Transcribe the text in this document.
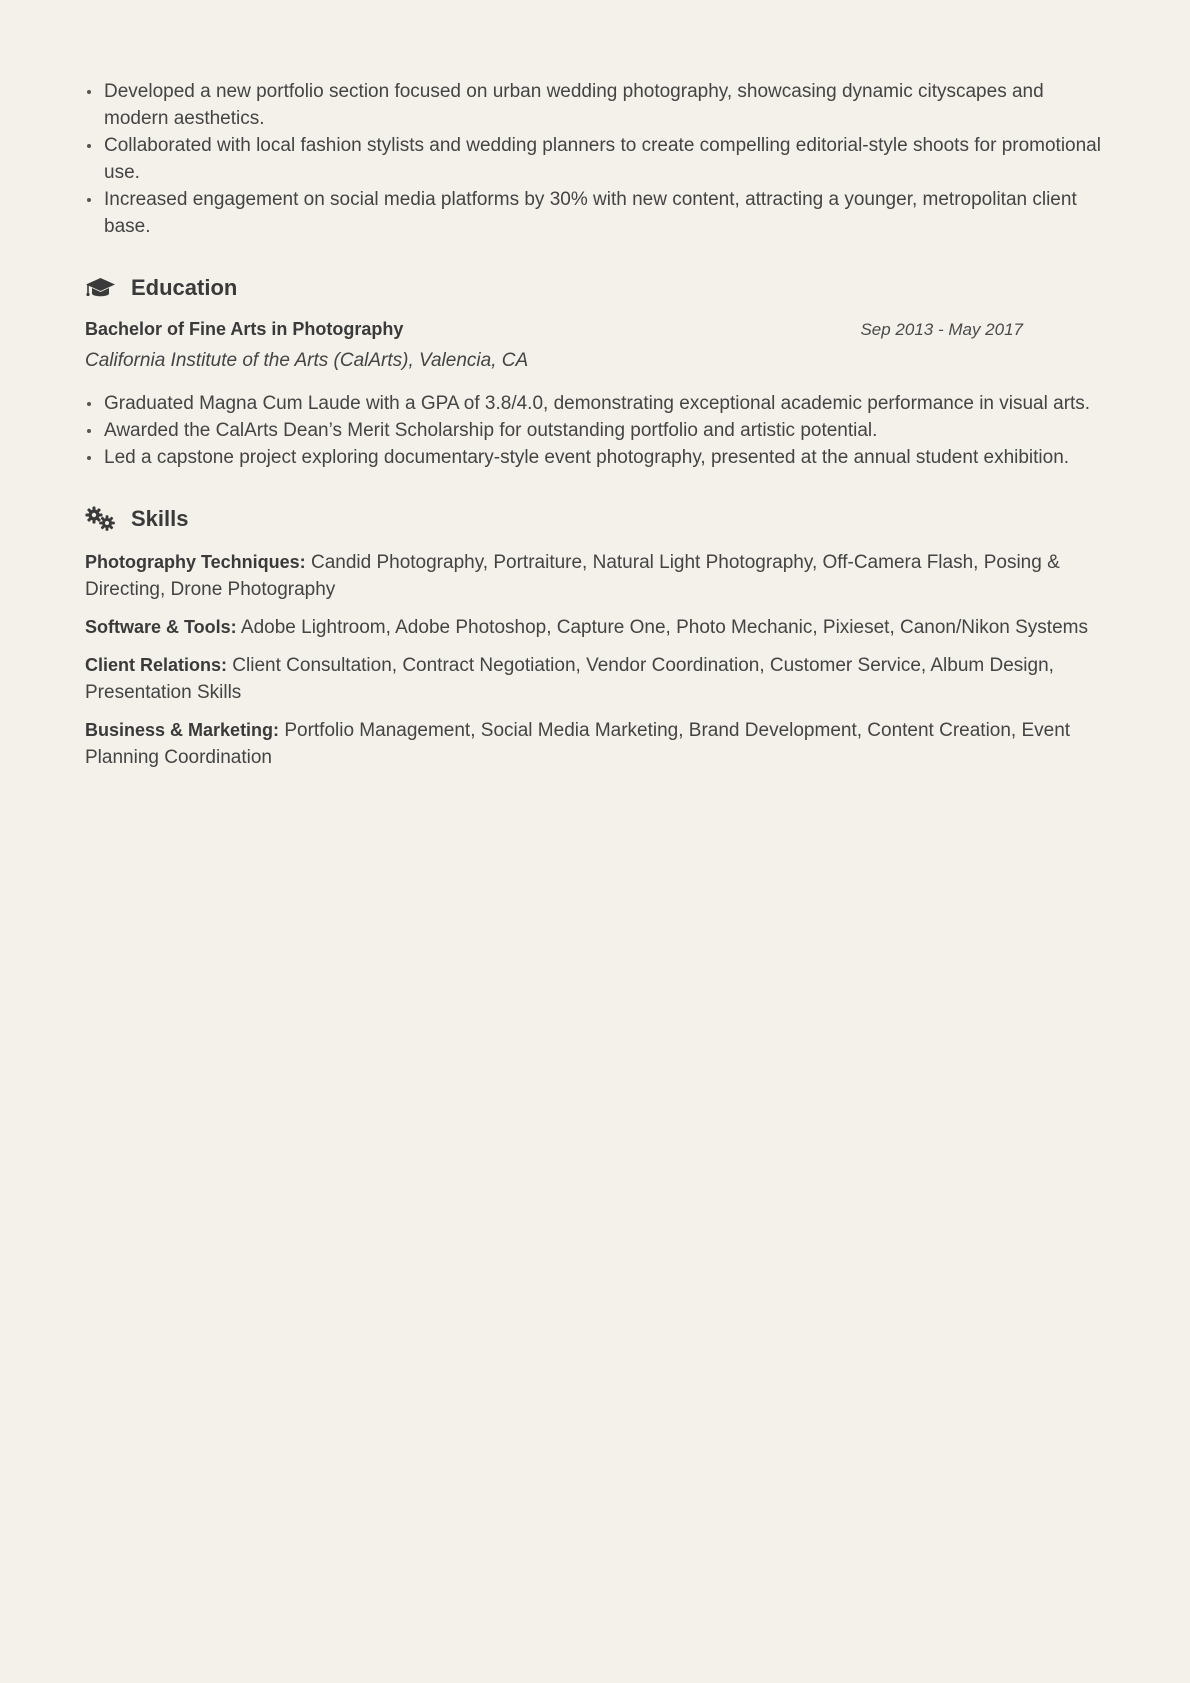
Developed a new portfolio section focused on urban wedding photography, showcasing dynamic cityscapes and modern aesthetics.
Collaborated with local fashion stylists and wedding planners to create compelling editorial-style shoots for promotional use.
Increased engagement on social media platforms by 30% with new content, attracting a younger, metropolitan client base.
Education
Bachelor of Fine Arts in Photography	Sep 2013 - May 2017
California Institute of the Arts (CalArts), Valencia, CA
Graduated Magna Cum Laude with a GPA of 3.8/4.0, demonstrating exceptional academic performance in visual arts.
Awarded the CalArts Dean’s Merit Scholarship for outstanding portfolio and artistic potential.
Led a capstone project exploring documentary-style event photography, presented at the annual student exhibition.
Skills

Photography Techniques: Candid Photography, Portraiture, Natural Light Photography, Off-Camera Flash, Posing & Directing, Drone Photography

Software & Tools: Adobe Lightroom, Adobe Photoshop, Capture One, Photo Mechanic, Pixieset, Canon/Nikon Systems

Client Relations: Client Consultation, Contract Negotiation, Vendor Coordination, Customer Service, Album Design, Presentation Skills

Business & Marketing: Portfolio Management, Social Media Marketing, Brand Development, Content Creation, Event Planning Coordination
